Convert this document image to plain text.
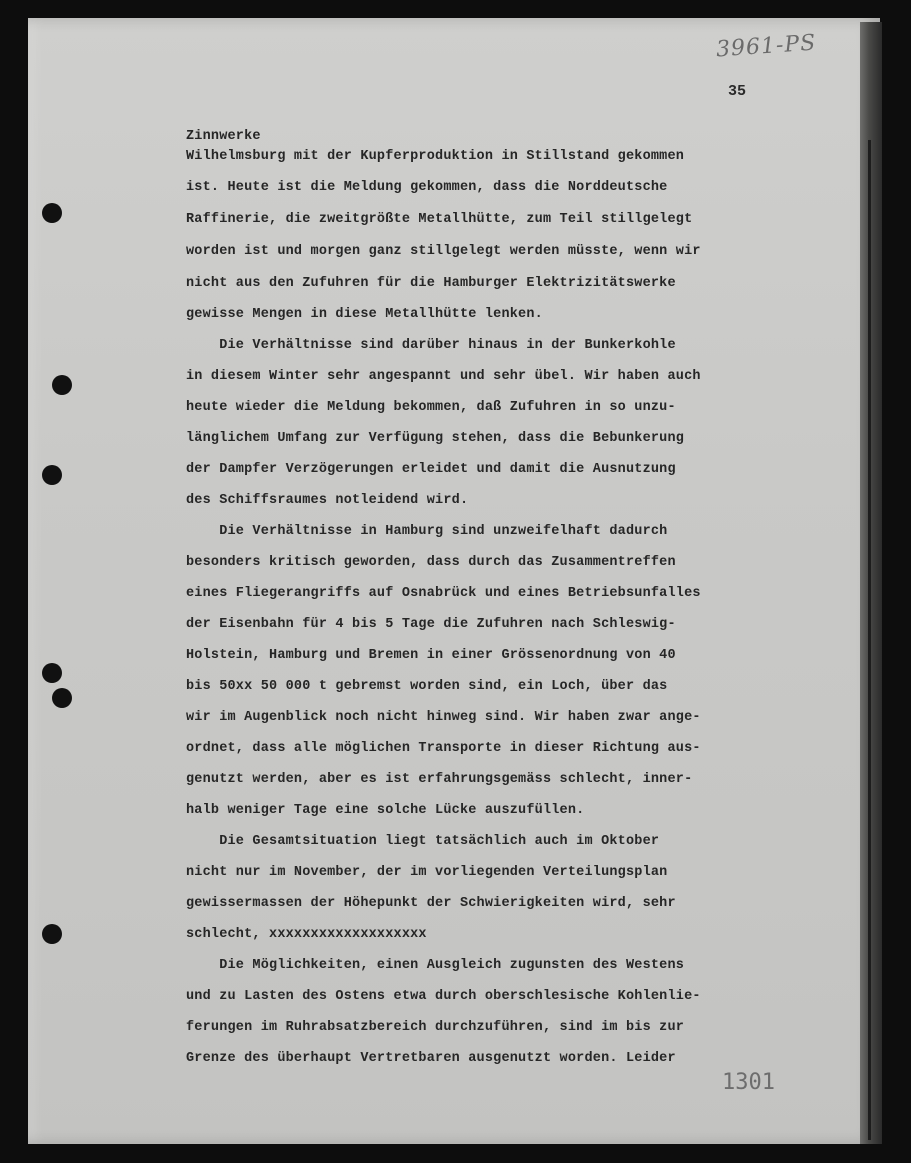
3961-PS
35
Zinnwerke
Wilhelmsburg mit der Kupferproduktion in Stillstand gekommen
ist. Heute ist die Meldung gekommen, dass die Norddeutsche
Raffinerie, die zweitgrößte Metallhütte, zum Teil stillgelegt
worden ist und morgen ganz stillgelegt werden müsste, wenn wir
nicht aus den Zufuhren für die Hamburger Elektrizitätswerke
gewisse Mengen in diese Metallhütte lenken.
Die Verhältnisse sind darüber hinaus in der Bunkerkohle
in diesem Winter sehr angespannt und sehr übel. Wir haben auch
heute wieder die Meldung bekommen, daß Zufuhren in so unzu-
länglichem Umfang zur Verfügung stehen, dass die Bebunkerung
der Dampfer Verzögerungen erleidet und damit die Ausnutzung
des Schiffsraumes notleidend wird.
Die Verhältnisse in Hamburg sind unzweifelhaft dadurch
besonders kritisch geworden, dass durch das Zusammentreffen
eines Fliegerangriffs auf Osnabrück und eines Betriebsunfalles
der Eisenbahn für 4 bis 5 Tage die Zufuhren nach Schleswig-
Holstein, Hamburg und Bremen in einer Grössenordnung von 40
bis 50xx 50 000 t gebremst worden sind, ein Loch, über das
wir im Augenblick noch nicht hinweg sind. Wir haben zwar ange-
ordnet, dass alle möglichen Transporte in dieser Richtung aus-
genutzt werden, aber es ist erfahrungsgemäss schlecht, inner-
halb weniger Tage eine solche Lücke auszufüllen.
Die Gesamtsituation liegt tatsächlich auch im Oktober
nicht nur im November, der im vorliegenden Verteilungsplan
gewissermassen der Höhepunkt der Schwierigkeiten wird, sehr
schlecht, xxxxxxxxxxxxxxxxxxx
Die Möglichkeiten, einen Ausgleich zugunsten des Westens
und zu Lasten des Ostens etwa durch oberschlesische Kohlenlie-
ferungen im Ruhrabsatzbereich durchzuführen, sind im bis zur
Grenze des überhaupt Vertretbaren ausgenutzt worden. Leider
1301
